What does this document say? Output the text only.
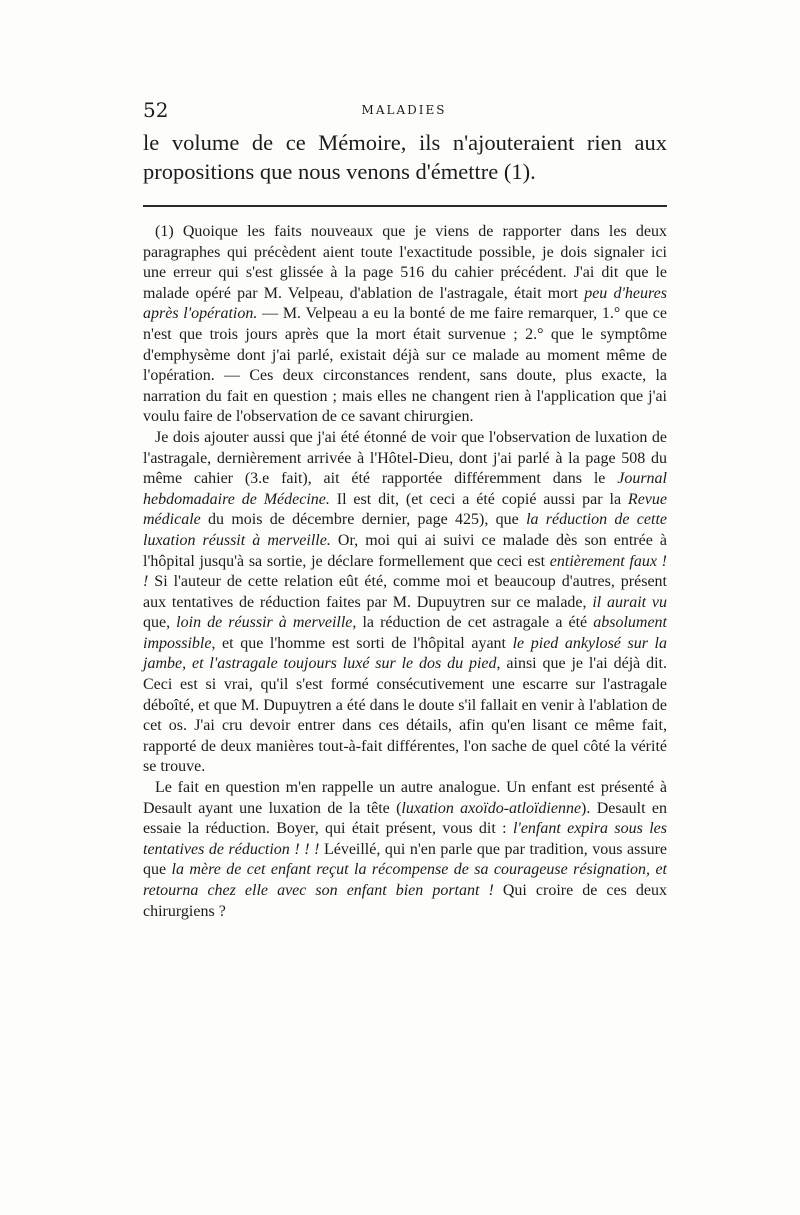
52	MALADIES

le volume de ce Mémoire, ils n'ajouteraient rien aux propositions que nous venons d'émettre (1).

(1) Quoique les faits nouveaux que je viens de rapporter dans les deux paragraphes qui précèdent aient toute l'exactitude possible, je dois signaler ici une erreur qui s'est glissée à la page 516 du cahier précédent. J'ai dit que le malade opéré par M. Velpeau, d'ablation de l'astragale, était mort peu d'heures après l'opération. — M. Velpeau a eu la bonté de me faire remarquer, 1.° que ce n'est que trois jours après que la mort était survenue ; 2.° que le symptôme d'emphysème dont j'ai parlé, existait déjà sur ce malade au moment même de l'opération. — Ces deux circonstances rendent, sans doute, plus exacte, la narration du fait en question ; mais elles ne changent rien à l'application que j'ai voulu faire de l'observation de ce savant chirurgien.

Je dois ajouter aussi que j'ai été étonné de voir que l'observation de luxation de l'astragale, dernièrement arrivée à l'Hôtel-Dieu, dont j'ai parlé à la page 508 du même cahier (3.e fait), ait été rapportée différemment dans le Journal hebdomadaire de Médecine. Il est dit, (et ceci a été copié aussi par la Revue médicale du mois de décembre dernier, page 425), que la réduction de cette luxation réussit à merveille. Or, moi qui ai suivi ce malade dès son entrée à l'hôpital jusqu'à sa sortie, je déclare formellement que ceci est entièrement faux ! ! Si l'auteur de cette relation eût été, comme moi et beaucoup d'autres, présent aux tentatives de réduction faites par M. Dupuytren sur ce malade, il aurait vu que, loin de réussir à merveille, la réduction de cet astragale a été absolument impossible, et que l'homme est sorti de l'hôpital ayant le pied ankylosé sur la jambe, et l'astragale toujours luxé sur le dos du pied, ainsi que je l'ai déjà dit. Ceci est si vrai, qu'il s'est formé consécutivement une escarre sur l'astragale déboîté, et que M. Dupuytren a été dans le doute s'il fallait en venir à l'ablation de cet os. J'ai cru devoir entrer dans ces détails, afin qu'en lisant ce même fait, rapporté de deux manières tout-à-fait différentes, l'on sache de quel côté la vérité se trouve.

Le fait en question m'en rappelle un autre analogue. Un enfant est présenté à Desault ayant une luxation de la tête (luxation axoïdo-atloïdienne). Desault en essaie la réduction. Boyer, qui était présent, vous dit : l'enfant expira sous les tentatives de réduction ! ! ! Léveillé, qui n'en parle que par tradition, vous assure que la mère de cet enfant reçut la récompense de sa courageuse résignation, et retourna chez elle avec son enfant bien portant ! Qui croire de ces deux chirurgiens ?
